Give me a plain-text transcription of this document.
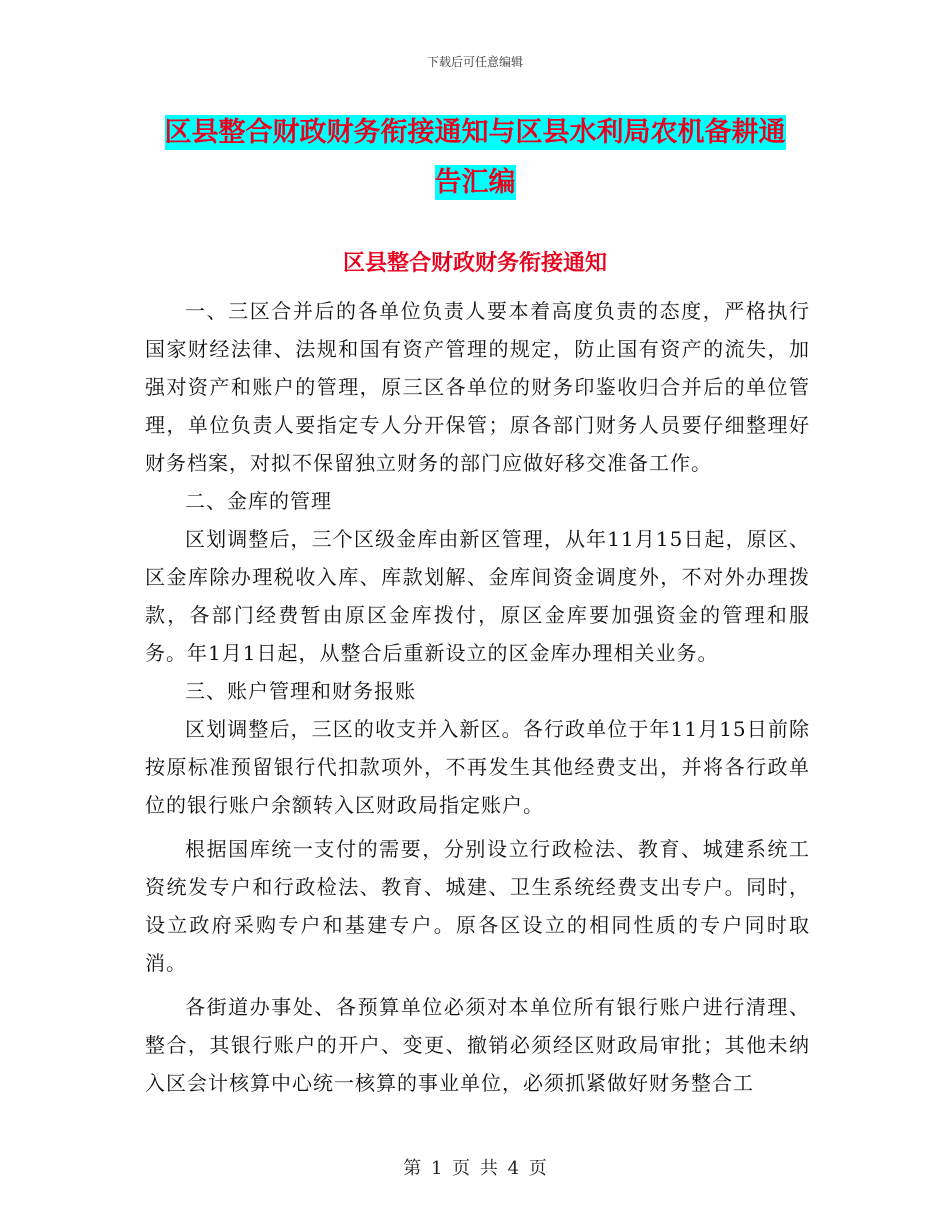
下载后可任意编辑
区县整合财政财务衔接通知与区县水利局农机备耕通
告汇编
区县整合财政财务衔接通知

一、三区合并后的各单位负责人要本着高度负责的态度，严格执行国家财经法律、法规和国有资产管理的规定，防止国有资产的流失，加强对资产和账户的管理，原三区各单位的财务印鉴收归合并后的单位管理，单位负责人要指定专人分开保管；原各部门财务人员要仔细整理好财务档案，对拟不保留独立财务的部门应做好移交准备工作。

二、金库的管理

区划调整后，三个区级金库由新区管理，从年11月15日起，原区、区金库除办理税收入库、库款划解、金库间资金调度外，不对外办理拨款，各部门经费暂由原区金库拨付，原区金库要加强资金的管理和服务。年1月1日起，从整合后重新设立的区金库办理相关业务。

三、账户管理和财务报账

区划调整后，三区的收支并入新区。各行政单位于年11月15日前除按原标准预留银行代扣款项外，不再发生其他经费支出，并将各行政单位的银行账户余额转入区财政局指定账户。

根据国库统一支付的需要，分别设立行政检法、教育、城建系统工资统发专户和行政检法、教育、城建、卫生系统经费支出专户。同时，设立政府采购专户和基建专户。原各区设立的相同性质的专户同时取消。

各街道办事处、各预算单位必须对本单位所有银行账户进行清理、整合，其银行账户的开户、变更、撤销必须经区财政局审批；其他未纳入区会计核算中心统一核算的事业单位，必须抓紧做好财务整合工

第 1 页 共 4 页
